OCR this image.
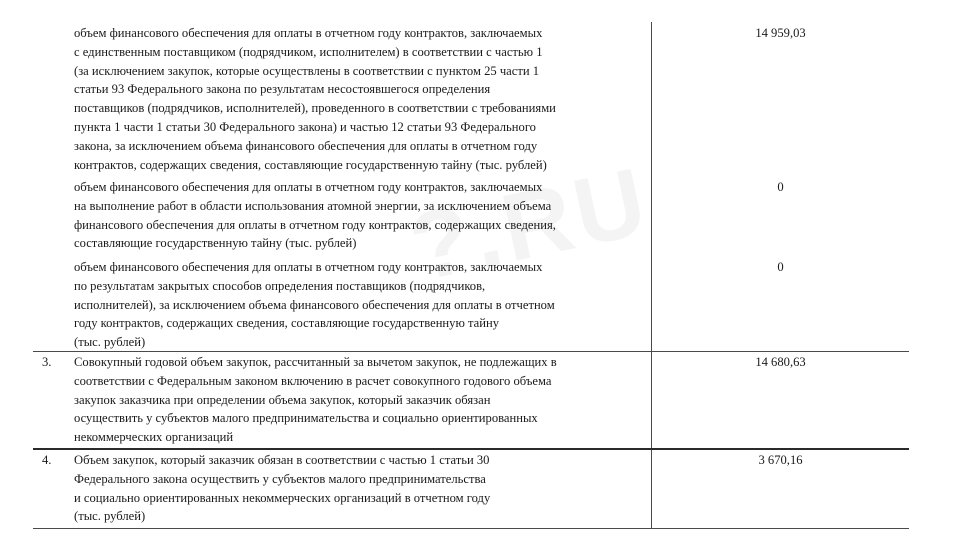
объем финансового обеспечения для оплаты в отчетном году контрактов, заключаемых
с единственным поставщиком (подрядчиком, исполнителем) в соответствии с частью 1
(за исключением закупок, которые осуществлены в соответствии с пунктом 25 части 1
статьи 93 Федерального закона по результатам несостоявшегося определения
поставщиков (подрядчиков, исполнителей), проведенного в соответствии с требованиями
пункта 1 части 1 статьи 30 Федерального закона) и частью 12 статьи 93 Федерального
закона, за исключением объема финансового обеспечения для оплаты в отчетном году
контрактов, содержащих сведения, составляющие государственную тайну (тыс. рублей)
14 959,03
объем финансового обеспечения для оплаты в отчетном году контрактов, заключаемых
на выполнение работ в области использования атомной энергии, за исключением объема
финансового обеспечения для оплаты в отчетном году контрактов, содержащих сведения,
составляющие государственную тайну (тыс. рублей)
0
объем финансового обеспечения для оплаты в отчетном году контрактов, заключаемых
по результатам закрытых способов определения поставщиков (подрядчиков,
исполнителей), за исключением объема финансового обеспечения для оплаты в отчетном
году контрактов, содержащих сведения, составляющие государственную тайну
(тыс. рублей)
0
3. Совокупный годовой объем закупок, рассчитанный за вычетом закупок, не подлежащих в
соответствии с Федеральным законом включению в расчет совокупного годового объема
закупок заказчика при определении объема закупок, который заказчик обязан
осуществить у субъектов малого предпринимательства и социально ориентированных
некоммерческих организаций
14 680,63
4. Объем закупок, который заказчик обязан в соответствии с частью 1 статьи 30
Федерального закона осуществить у субъектов малого предпринимательства
и социально ориентированных некоммерческих организаций в отчетном году
(тыс. рублей)
3 670,16
